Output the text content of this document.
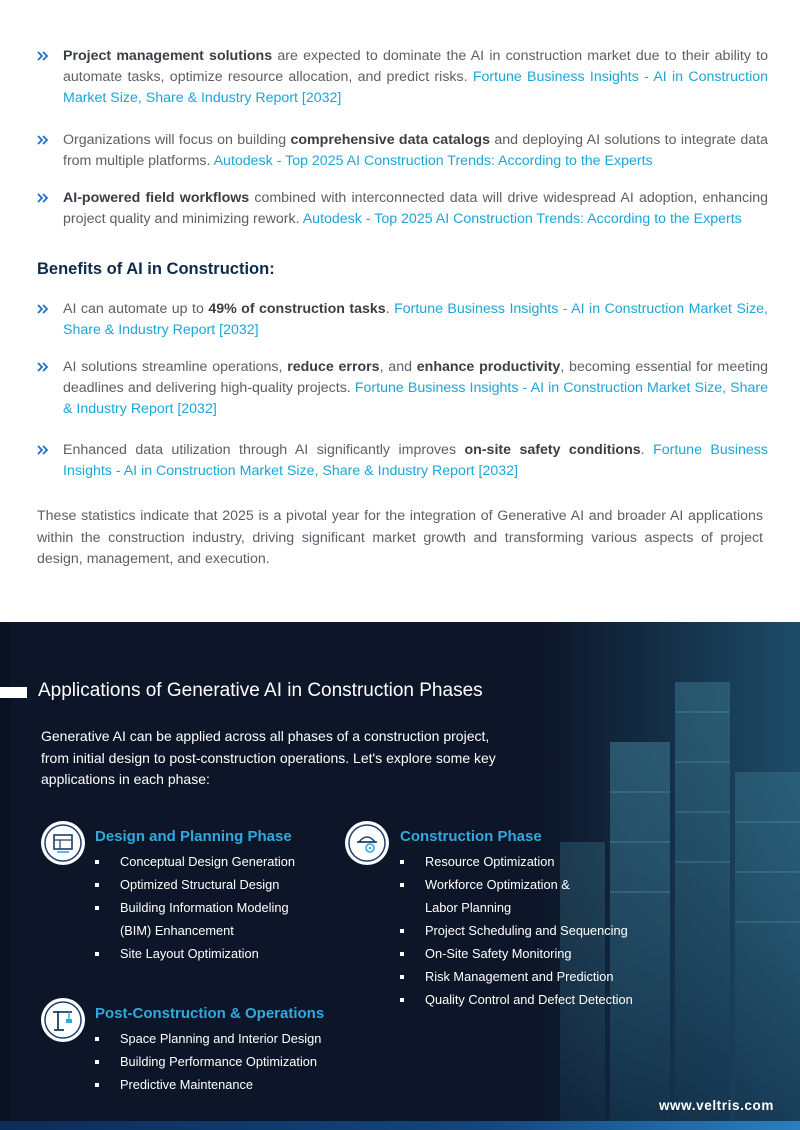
Project management solutions are expected to dominate the AI in construction market due to their ability to automate tasks, optimize resource allocation, and predict risks. Fortune Business Insights - AI in Construction Market Size, Share & Industry Report [2032]
Organizations will focus on building comprehensive data catalogs and deploying AI solutions to integrate data from multiple platforms. Autodesk - Top 2025 AI Construction Trends: According to the Experts
AI-powered field workflows combined with interconnected data will drive widespread AI adoption, enhancing project quality and minimizing rework. Autodesk - Top 2025 AI Construction Trends: According to the Experts
Benefits of AI in Construction:
AI can automate up to 49% of construction tasks. Fortune Business Insights - AI in Construction Market Size, Share & Industry Report [2032]
AI solutions streamline operations, reduce errors, and enhance productivity, becoming essential for meeting deadlines and delivering high-quality projects. Fortune Business Insights - AI in Construction Market Size, Share & Industry Report [2032]
Enhanced data utilization through AI significantly improves on-site safety conditions. Fortune Business Insights - AI in Construction Market Size, Share & Industry Report [2032]

These statistics indicate that 2025 is a pivotal year for the integration of Generative AI and broader AI applications within the construction industry, driving significant market growth and transforming various aspects of project design, management, and execution.

Applications of Generative AI in Construction Phases

Generative AI can be applied across all phases of a construction project, from initial design to post-construction operations. Let's explore some key applications in each phase:

Design and Planning Phase
Conceptual Design Generation
Optimized Structural Design
Building Information Modeling
(BIM) Enhancement
Site Layout Optimization
Construction Phase
Resource Optimization
Workforce Optimization &
Labor Planning
Project Scheduling and Sequencing
On-Site Safety Monitoring
Risk Management and Prediction
Quality Control and Defect Detection
Post-Construction & Operations
Space Planning and Interior Design
Building Performance Optimization
Predictive Maintenance
www.veltris.com
